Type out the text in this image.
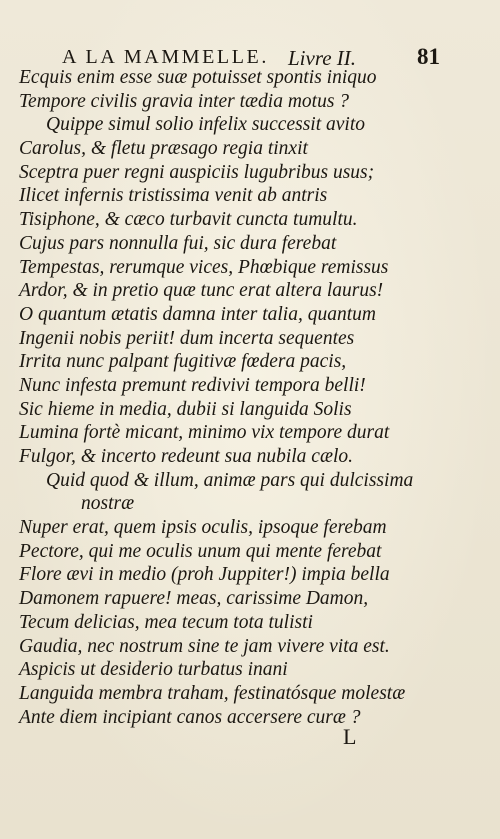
A LA MAMMELLE. Livre II.	81
Ecquis enim esse suæ potuisset spontis iniquo
Tempore civilis gravia inter tædia motus ?
Quippe simul solio infelix successit avito
Carolus, & fletu præsago regia tinxit
Sceptra puer regni auspiciis lugubribus usus;
Ilicet infernis tristissima venit ab antris
Tisiphone, & cæco turbavit cuncta tumultu.
Cujus pars nonnulla fui, sic dura ferebat
Tempestas, rerumque vices, Phœbique remissus
Ardor, & in pretio quæ tunc erat altera laurus!
O quantum ætatis damna inter talia, quantum
Ingenii nobis periit! dum incerta sequentes
Irrita nunc palpant fugitivæ fœdera pacis,
Nunc infesta premunt redivivi tempora belli!
Sic hieme in media, dubii si languida Solis
Lumina fortè micant, minimo vix tempore durat
Fulgor, & incerto redeunt sua nubila cælo.
Quid quod & illum, animæ pars qui dulcissima
nostræ
Nuper erat, quem ipsis oculis, ipsoque ferebam
Pectore, qui me oculis unum qui mente ferebat
Flore ævi in medio (proh Juppiter!) impia bella
Damonem rapuere! meas, carissime Damon,
Tecum delicias, mea tecum tota tulisti
Gaudia, nec nostrum sine te jam vivere vita est.
Aspicis ut desiderio turbatus inani
Languida membra traham, festinatósque molestæ
Ante diem incipiant canos accersere curæ ?
L
